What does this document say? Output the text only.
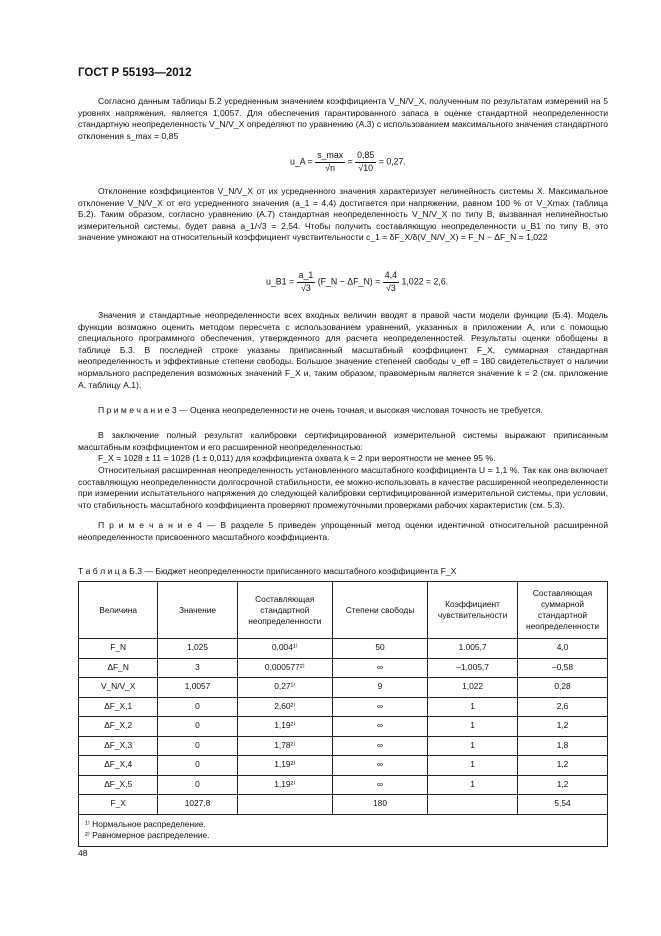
ГОСТ Р 55193—2012
Согласно данным таблицы Б.2 усредненным значением коэффициента V_N/V_X, полученным по результатам измерений на 5 уровнях напряжения, является 1,0057. Для обеспечения гарантированного запаса в оценке стандартной неопределенности стандартную неопределенность V_N/V_X определяют по уравнению (А.3) с использованием максимального значения стандартного отклонения s_max = 0,85
u_A = $\frac{s\_\max}{√n} = \frac{0,85}{√10} = 0,27$.
Отклонение коэффициентов V_N/V_X от их усредненного значения характеризует нелинейность системы X. Максимальное отклонение V_N/V_X от его усредненного значения (a_1 = 4,4) достигается при напряжении, равном 100 % от V_Xmax (таблица Б.2). Таким образом, согласно уравнению (А.7) стандартная неопределенность V_N/V_X по типу В, вызванная нелинейностью измерительной системы, будет равна a_1/√3 = 2,54. Чтобы получить составляющую неопределенности u_B1 по типу В, это значение умножают на относительный коэффициент чувствительности c_1 = δF_X/δ(V_N/V_X) = F_N − ΔF_N = 1,022
u_B1 = $\frac{a\_1}{√3}$ (F_N − ΔF_N) = $\frac{4,4}{√3} 1,022 = 2,6$.
Значения и стандартные неопределенности всех входных величин вводят в правой части модели функции (Б.4). Модель функции возможно оценить методом пересчета с использованием уравнений, указанных в приложении А, или с помощью специального программного обеспечения, утвержденного для расчета неопределенностей. Результаты оценки обобщены в таблице Б.3. В последней строке указаны приписанный масштабный коэффициент F_X, суммарная стандартная неопределенность и эффективные степени свободы. Большое значение степеней свободы ν_eff = 180 свидетельствует о наличии нормального распределения возможных значений F_X и, таким образом, правомерным является значение k = 2 (см. приложение А, таблицу А.1).
П р и м е ч а н и е 3 — Оценка неопределенности не очень точная, и высокая числовая точность не требуется.
В заключение полный результат калибровки сертифицированной измерительной системы выражают приписанным масштабным коэффициентом и его расширенной неопределенностью:
F_X = 1028 ± 11 = 1028 (1 ± 0,011) для коэффициента охвата k = 2 при вероятности не менее 95 %.
Относительная расширенная неопределенность установленного масштабного коэффициента U = 1,1 %. Так как она включает составляющую неопределенности долгосрочной стабильности, ее можно использовать в качестве расширенной неопределенности при измерении испытательного напряжения до следующей калибровки сертифицированной измерительной системы, при условии, что стабильность масштабного коэффициента проверяют промежуточными проверками рабочих характеристик (см. 5.3).
П р и м е ч а н и е 4 — В разделе 5 приведен упрощенный метод оценки идентичной относительной расширенной неопределенности присвоенного масштабного коэффициента.
Т а б л и ц а Б.3 — Бюджет неопределенности приписанного масштабного коэффициента F_X
Величина	Значение	Составляющая стандартной неопределенности	Степени свободы	Коэффициент чувствительности	Составляющая суммарной стандартной неопределенности
F_N	1,025	0,004¹⁾	50	1.005,7	4,0
ΔF_N	3	0,000577²⁾	∞	–1,005,7	–0,58
V_N/V_X	1,0057	0,27¹⁾	9	1,022	0,28
ΔF_X,1	0	2,60²⁾	∞	1	2,6
ΔF_X,2	0	1,19²⁾	∞	1	1,2
ΔF_X,3	0	1,78²⁾	∞	1	1,8
ΔF_X,4	0	1,19²⁾	∞	1	1,2
ΔF_X,5	0	1,19²⁾	∞	1	1,2
F_X	1027,8		180		5,54

¹⁾ Нормальное распределение.
²⁾ Равномерное распределение.					
48
